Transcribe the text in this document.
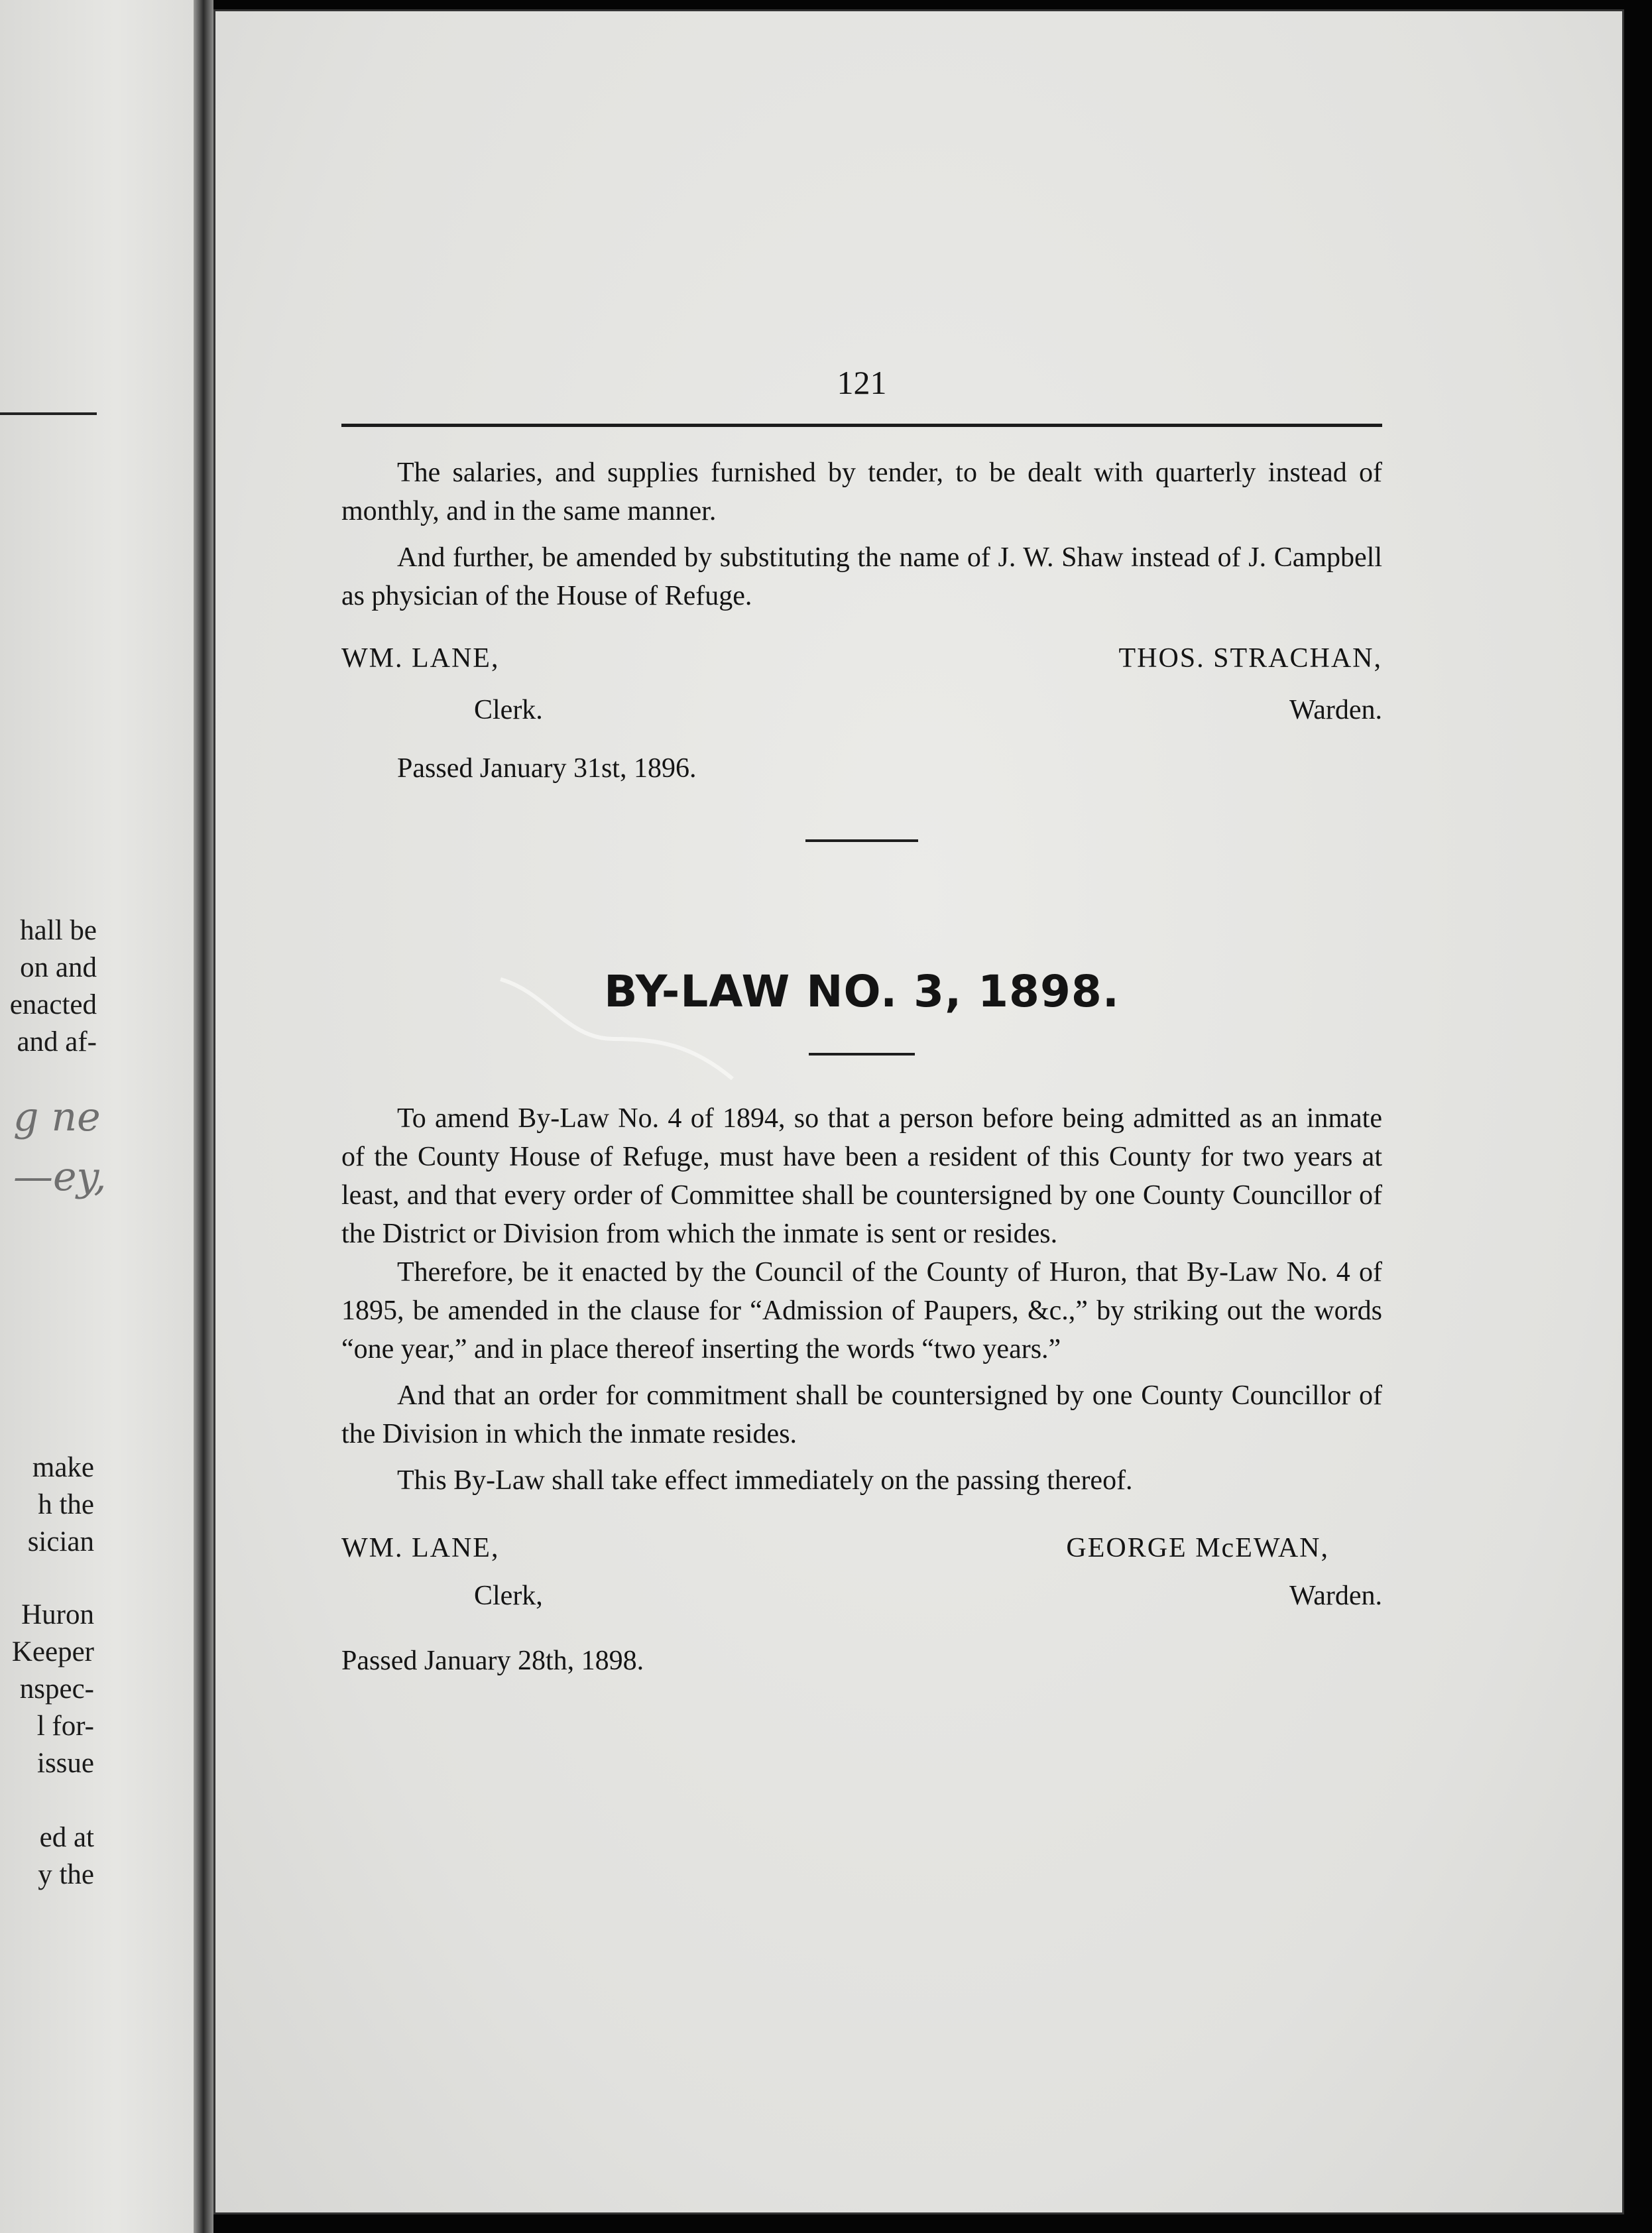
hall be
on and
enacted
and af-
g ne
—ey,
make
h the
sician
Huron
Keeper
nspec-
l for-
issue
ed at
y the

121

The salaries, and supplies furnished by tender, to be dealt with quarterly instead of monthly, and in the same manner.

And further, be amended by substituting the name of J. W. Shaw instead of J. Campbell as physician of the House of Refuge.

WM. LANE,	THOS. STRACHAN,
Clerk.	Warden.

Passed January 31st, 1896.

BY-LAW NO. 3, 1898.

To amend By-Law No. 4 of 1894, so that a person before being admitted as an inmate of the County House of Refuge, must have been a resident of this County for two years at least, and that every order of Committee shall be countersigned by one County Councillor of the District or Division from which the inmate is sent or resides.

Therefore, be it enacted by the Council of the County of Huron, that By-Law No. 4 of 1895, be amended in the clause for “Admission of Paupers, &c.,” by striking out the words “one year,” and in place thereof inserting the words “two years.”

And that an order for commitment shall be countersigned by one County Councillor of the Division in which the inmate resides.

This By-Law shall take effect immediately on the passing thereof.

WM. LANE,	GEORGE McEWAN,
Clerk,	Warden.

Passed January 28th, 1898.
